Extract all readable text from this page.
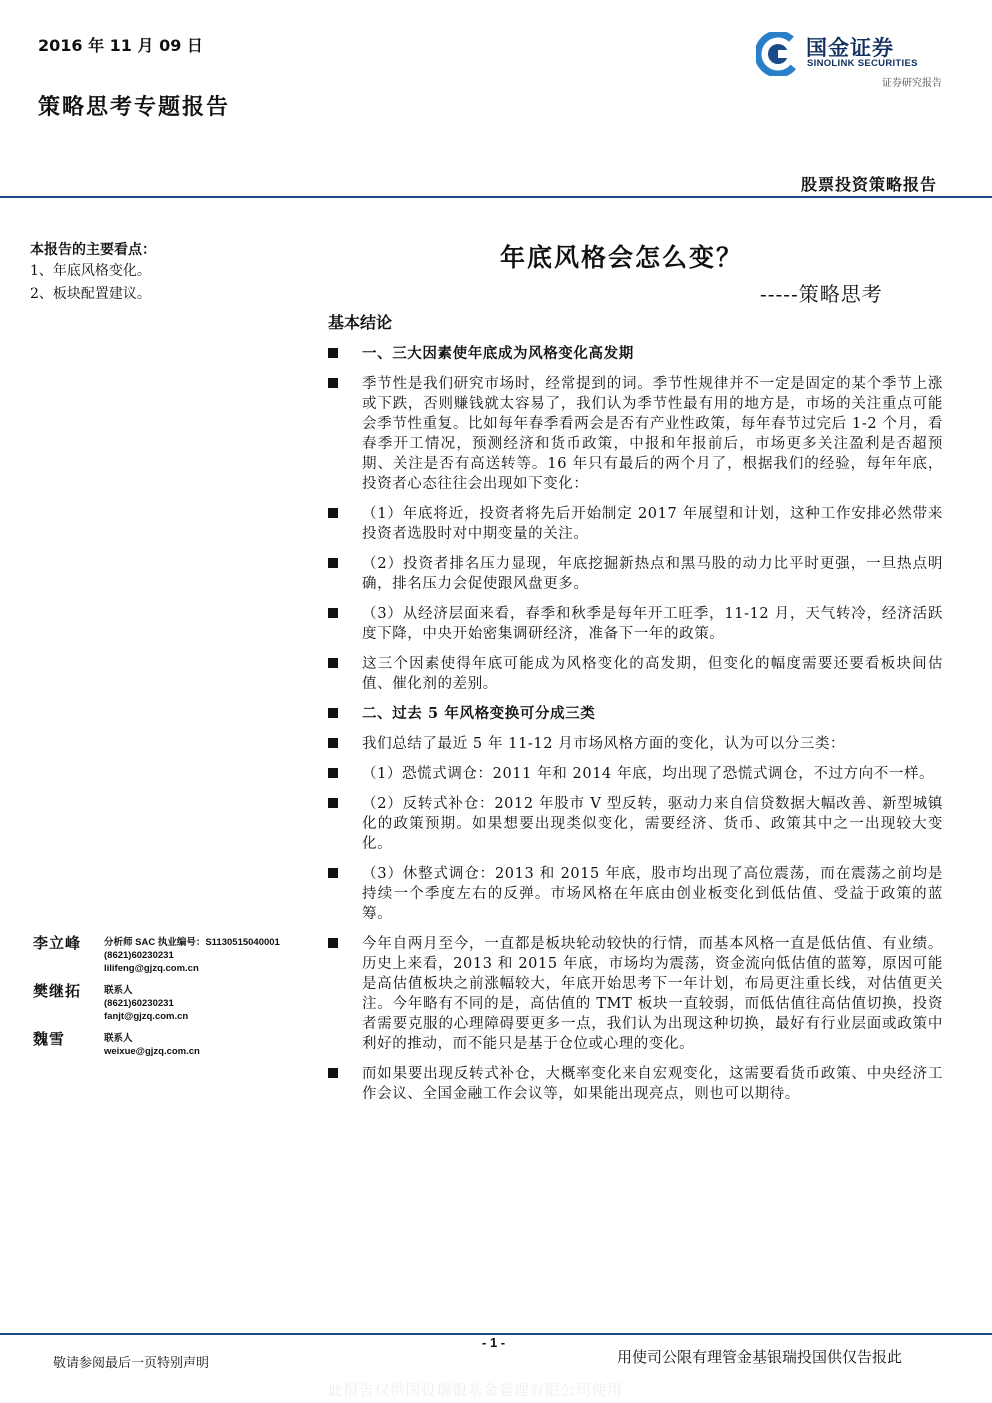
2016 年 11 月 09 日
策略思考专题报告
国金证券
SINOLINK SECURITIES
证券研究报告
股票投资策略报告
本报告的主要看点：
1、年底风格变化。
2、板块配置建议。
李立峰 分析师 SAC 执业编号：S1130515040001
(8621)60230231
lilifeng@gjzq.com.cn
樊继拓 联系人
(8621)60230231
fanjt@gjzq.com.cn
魏雪	联系人
weixue@gjzq.com.cn
年底风格会怎么变？
-----策略思考
基本结论
一、三大因素使年底成为风格变化高发期
季节性是我们研究市场时，经常提到的词。季节性规律并不一定是固定的某个季节上涨或下跌，否则赚钱就太容易了，我们认为季节性最有用的地方是，市场的关注重点可能会季节性重复。比如每年春季看两会是否有产业性政策，每年春节过完后 1-2 个月，看春季开工情况，预测经济和货币政策，中报和年报前后，市场更多关注盈利是否超预期、关注是否有高送转等。16 年只有最后的两个月了，根据我们的经验，每年年底，投资者心态往往会出现如下变化：
（1）年底将近，投资者将先后开始制定 2017 年展望和计划，这种工作安排必然带来投资者选股时对中期变量的关注。
（2）投资者排名压力显现，年底挖掘新热点和黑马股的动力比平时更强，一旦热点明确，排名压力会促使跟风盘更多。
（3）从经济层面来看，春季和秋季是每年开工旺季，11-12 月，天气转冷，经济活跃度下降，中央开始密集调研经济，准备下一年的政策。
这三个因素使得年底可能成为风格变化的高发期，但变化的幅度需要还要看板块间估值、催化剂的差别。
二、过去 5 年风格变换可分成三类
我们总结了最近 5 年 11-12 月市场风格方面的变化，认为可以分三类：
（1）恐慌式调仓：2011 年和 2014 年底，均出现了恐慌式调仓，不过方向不一样。
（2）反转式补仓：2012 年股市 V 型反转，驱动力来自信贷数据大幅改善、新型城镇化的政策预期。如果想要出现类似变化，需要经济、货币、政策其中之一出现较大变化。
（3）休整式调仓：2013 和 2015 年底，股市均出现了高位震荡，而在震荡之前均是持续一个季度左右的反弹。市场风格在年底由创业板变化到低估值、受益于政策的蓝筹。
今年自两月至今，一直都是板块轮动较快的行情，而基本风格一直是低估值、有业绩。历史上来看，2013 和 2015 年底，市场均为震荡，资金流向低估值的蓝筹，原因可能是高估值板块之前涨幅较大，年底开始思考下一年计划，布局更注重长线，对估值更关注。今年略有不同的是，高估值的 TMT 板块一直较弱，而低估值往高估值切换，投资者需要克服的心理障碍要更多一点，我们认为出现这种切换，最好有行业层面或政策中利好的推动，而不能只是基于仓位或心理的变化。
而如果要出现反转式补仓，大概率变化来自宏观变化，这需要看货币政策、中央经济工作会议、全国金融工作会议等，如果能出现亮点，则也可以期待。
- 1 -
敬请参阅最后一页特别声明	用使司公限有理管金基银瑞投国供仅告报此
此报告仅供国投瑞银基金管理有限公司使用
